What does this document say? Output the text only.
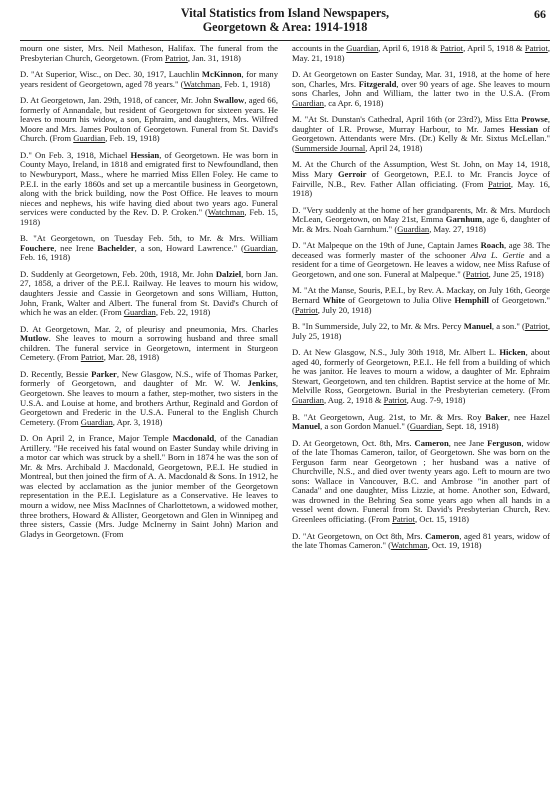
Vital Statistics from Island Newspapers,
Georgetown & Area: 1914-1918
66

mourn one sister, Mrs. Neil Matheson, Halifax. The funeral from the Presbyterian Church, Georgetown. (From Patriot, Jan. 31, 1918)

D. "At Superior, Wisc., on Dec. 30, 1917, Lauchlin McKinnon, for many years resident of Georgetown, aged 78 years." (Watchman, Feb. 1, 1918)

D. At Georgetown, Jan. 29th, 1918, of cancer, Mr. John Swallow, aged 66, formerly of Annandale, but resident of Georgetown for sixteen years. He leaves to mourn his widow, a son, Ephraim, and daughters, Mrs. Wilfred Moore and Mrs. James Poulton of Georgetown. Funeral from St. David's Church. (From Guardian, Feb. 19, 1918)

D." On Feb. 3, 1918, Michael Hessian, of Georgetown. He was born in County Mayo, Ireland, in 1818 and emigrated first to Newfoundland, then to Newburyport, Mass., where he married Miss Ellen Foley. He came to P.E.I. in the early 1860s and set up a mercantile business in Georgetown, along with the brick building, now the Post Office. He leaves to mourn nieces and nephews, his wife having died about two years ago. Funeral services were conducted by the Rev. D. P. Croken." (Watchman, Feb. 15, 1918)

B. "At Georgetown, on Tuesday Feb. 5th, to Mr. & Mrs. William Fouchere, nee Irene Bachelder, a son, Howard Lawrence." (Guardian, Feb. 16, 1918)

D. Suddenly at Georgetown, Feb. 20th, 1918, Mr. John Dalziel, born Jan. 27, 1858, a driver of the P.E.I. Railway. He leaves to mourn his widow, daughters Jessie and Cassie in Georgetown and sons William, Hutton, John, Frank, Walter and Albert. The funeral from St. David's Church of which he was an elder. (From Guardian, Feb. 22, 1918)

D. At Georgetown, Mar. 2, of pleurisy and pneumonia, Mrs. Charles Mutlow. She leaves to mourn a sorrowing husband and three small children. The funeral service in Georgetown, interment in Sturgeon Cemetery. (From Patriot, Mar. 28, 1918)

D. Recently, Bessie Parker, New Glasgow, N.S., wife of Thomas Parker, formerly of Georgetown, and daughter of Mr. W. W. Jenkins, Georgetown. She leaves to mourn a father, step-mother, two sisters in the U.S.A. and Louise at home, and brothers Arthur, Reginald and Gordon of Georgetown and Frederic in the U.S.A. Funeral to the English Church Cemetery. (From Guardian, Apr. 3, 1918)

D. On April 2, in France, Major Temple Macdonald, of the Canadian Artillery. "He received his fatal wound on Easter Sunday while driving in a motor car which was struck by a shell." Born in 1874 he was the son of Mr. & Mrs. Archibald J. Macdonald, Georgetown, P.E.I. He studied in Montreal, but then joined the firm of A. A. Macdonald & Sons. In 1912, he was elected by acclamation as the junior member of the Georgetown representation in the P.E.I. Legislature as a Conservative. He leaves to mourn a widow, nee Miss MacInnes of Charlottetown, a widowed mother, three brothers, Howard & Allister, Georgetown and Glen in Winnipeg and three sisters, Cassie (Mrs. Judge McInerny in Saint John) Marion and Gladys in Georgetown. (From

accounts in the Guardian, April 6, 1918 & Patriot, April 5, 1918 & Patriot, May. 21, 1918)

D. At Georgetown on Easter Sunday, Mar. 31, 1918, at the home of here son, Charles, Mrs. Fitzgerald, over 90 years of age. She leaves to mourn sons Charles, John and William, the latter two in the U.S.A. (From Guardian, ca Apr. 6, 1918)

M. "At St. Dunstan's Cathedral, April 16th (or 23rd?), Miss Etta Prowse, daughter of I.R. Prowse, Murray Harbour, to Mr. James Hessian of Georgetown. Attendants were Mrs. (Dr.) Kelly & Mr. Sixtus McLellan." (Summerside Journal, April 24, 1918)

M. At the Church of the Assumption, West St. John, on May 14, 1918, Miss Mary Gerroir of Georgetown, P.E.I. to Mr. Francis Joyce of Fairville, N.B., Rev. Father Allan officiating. (From Patriot, May. 16, 1918)

D. "Very suddenly at the home of her grandparents, Mr. & Mrs. Murdoch McLean, Georgetown, on May 21st, Emma Garnhum, age 6, daughter of Mr. & Mrs. Noah Garnhum." (Guardian, May. 27, 1918)

D. "At Malpeque on the 19th of June, Captain James Roach, age 38. The deceased was formerly master of the schooner Alva L. Gertie and a resident for a time of Georgetown. He leaves a widow, nee Miss Rafuse of Georgetown, and one son. Funeral at Malpeque." (Patriot, June 25, 1918)

M. "At the Manse, Souris, P.E.I., by Rev. A. Mackay, on July 16th, George Bernard White of Georgetown to Julia Olive Hemphill of Georgetown." (Patriot, July 20, 1918)

B. "In Summerside, July 22, to Mr. & Mrs. Percy Manuel, a son." (Patriot, July 25, 1918)

D. At New Glasgow, N.S., July 30th 1918, Mr. Albert L. Hicken, about aged 40, formerly of Georgetown, P.E.I.. He fell from a building of which he was janitor. He leaves to mourn a widow, a daughter of Mr. Ephraim Stewart, Georgetown, and ten children. Baptist service at the home of Mr. Melville Ross, Georgetown. Burial in the Presbyterian cemetery. (From Guardian, Aug. 2, 1918 & Patriot, Aug. 7-9, 1918)

B. "At Georgetown, Aug. 21st, to Mr. & Mrs. Roy Baker, nee Hazel Manuel, a son Gordon Manuel." (Guardian, Sept. 18, 1918)

D. At Georgetown, Oct. 8th, Mrs. Cameron, nee Jane Ferguson, widow of the late Thomas Cameron, tailor, of Georgetown. She was born on the Ferguson farm near Georgetown ; her husband was a native of Churchville, N.S., and died over twenty years ago. Left to mourn are two sons: Wallace in Vancouver, B.C. and Ambrose "in another part of Canada" and one daughter, Miss Lizzie, at home. Another son, Edward, was drowned in the Behring Sea some years ago when all hands in a vessel went down. Funeral from St. David's Presbyterian Church, Rev. Greenlees officiating. (From Patriot, Oct. 15, 1918)

D. "At Georgetown, on Oct 8th, Mrs. Cameron, aged 81 years, widow of the late Thomas Cameron." (Watchman, Oct. 19, 1918)
